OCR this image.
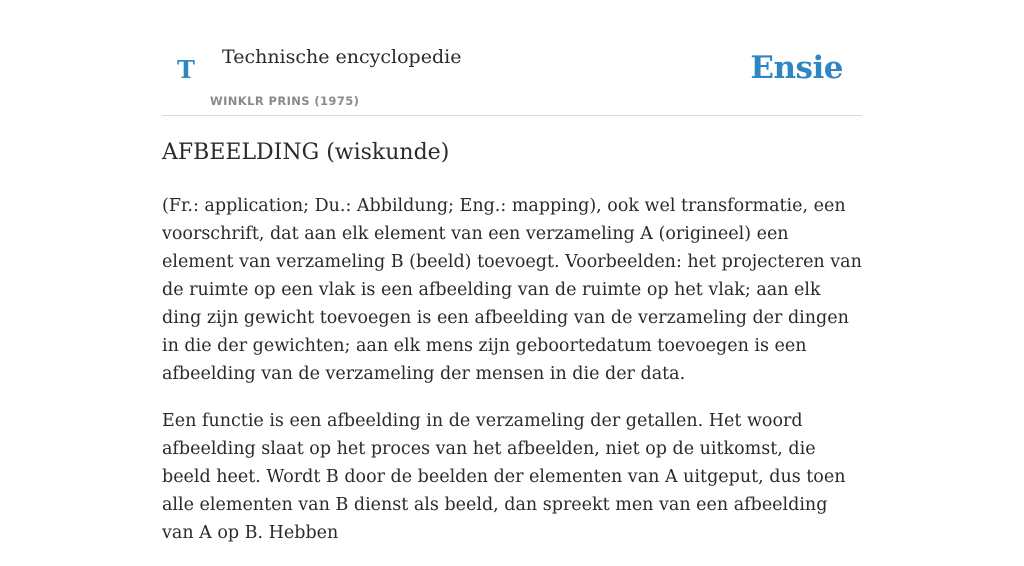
T Technische encyclopedie
WINKLR PRINS (1975)
Ensie
AFBEELDING (wiskunde)

(Fr.: application; Du.: Abbildung; Eng.: mapping), ook wel transformatie, een voorschrift, dat aan elk element van een verzameling A (origineel) een element van verzameling B (beeld) toevoegt. Voorbeelden: het projecteren van de ruimte op een vlak is een afbeelding van de ruimte op het vlak; aan elk ding zijn gewicht toevoegen is een afbeelding van de verzameling der dingen in die der gewichten; aan elk mens zijn geboortedatum toevoegen is een afbeelding van de verzameling der mensen in die der data.

Een functie is een afbeelding in de verzameling der getallen. Het woord afbeelding slaat op het proces van het afbeelden, niet op de uitkomst, die beeld heet. Wordt B door de beelden der elementen van A uitgeput, dus toen alle elementen van B dienst als beeld, dan spreekt men van een afbeelding van A op B. Hebben
